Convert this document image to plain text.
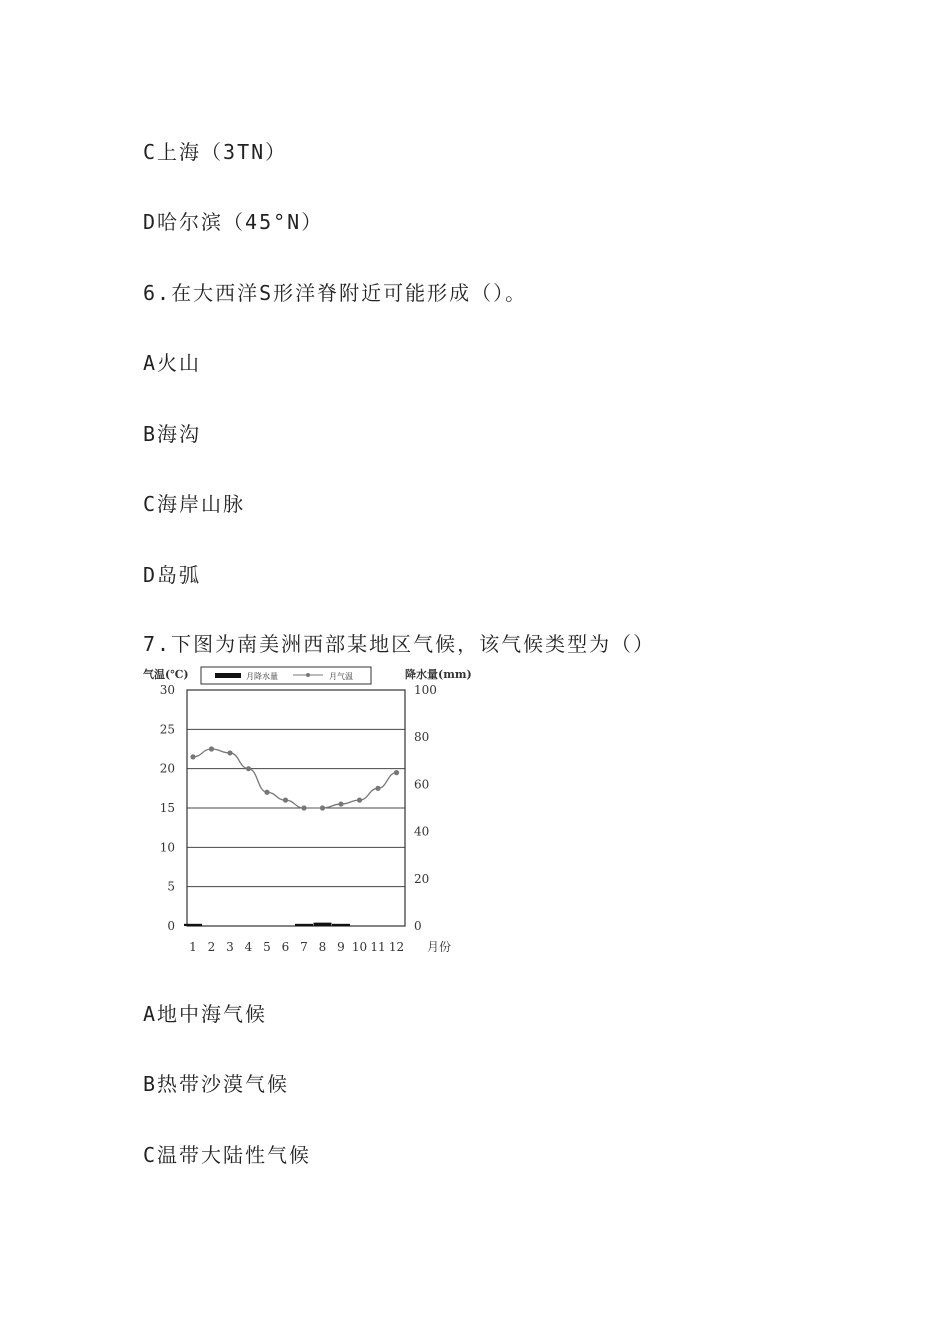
C上海（3TN）
D哈尔滨（45°N）
6.在大西洋S形洋脊附近可能形成（）。
A火山
B海沟
C海岸山脉
D岛弧
7.下图为南美洲西部某地区气候，该气候类型为（）
A地中海气候
B热带沙漠气候
C温带大陆性气候
气温(℃)	降水量(mm)
月降水量	月气温
0
5
10
15
20
25
30
0
20
40
60
80
100
1 2 3 4 5 6 7 8 9 10 11 12 月份
